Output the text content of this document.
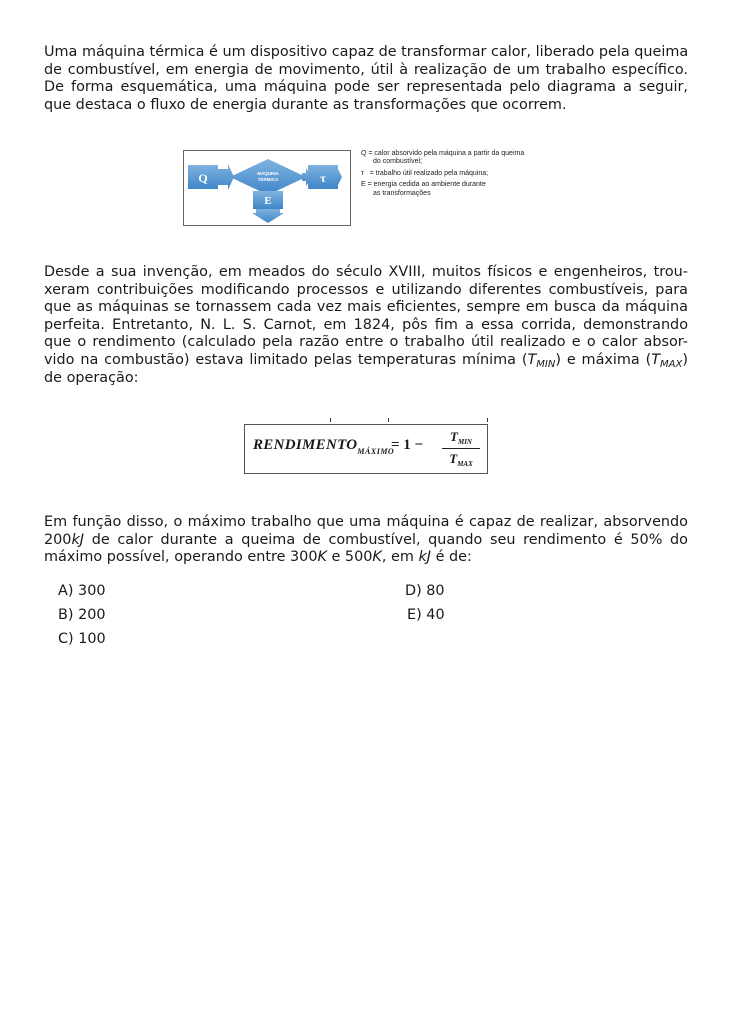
Uma máquina térmica é um dispositivo capaz de transformar calor, liberado pela queima
de combustível, em energia de movimento, útil à realização de um trabalho específico.
De forma esquemática, uma máquina pode ser representada pelo diagrama a seguir,
que destaca o fluxo de energia durante as transformações que ocorrem.

Q	MÁQUINA
TÉRMICA	τ
E
Q = calor absorvido pela máquina a partir da queima
do combustível;
τ = trabalho útil realizado pela máquina;
E = energia cedida ao ambiente durante
as transformações

Desde a sua invenção, em meados do século XVIII, muitos físicos e engenheiros, trou-
xeram contribuições modificando processos e utilizando diferentes combustíveis, para
que as máquinas se tornassem cada vez mais eficientes, sempre em busca da máquina
perfeita. Entretanto, N. L. S. Carnot, em 1824, pôs fim a essa corrida, demonstrando
que o rendimento (calculado pela razão entre o trabalho útil realizado e o calor absor-
vido na combustão) estava limitado pelas temperaturas mínima $(T_{MIN})$ e máxima $(T_{MAX})$
de operação:

$RENDIMENTO_{MÁXIMO}$
= 1 −
$T_{MIN}$
$T_{MAX}$

Em função disso, o máximo trabalho que uma máquina é capaz de realizar, absorvendo
200kJ de calor durante a queima de combustível, quando seu rendimento é 50% do
máximo possível, operando entre 300K e 500K, em kJ é de:

A) 300
B) 200
C) 100
D) 80
E) 40
